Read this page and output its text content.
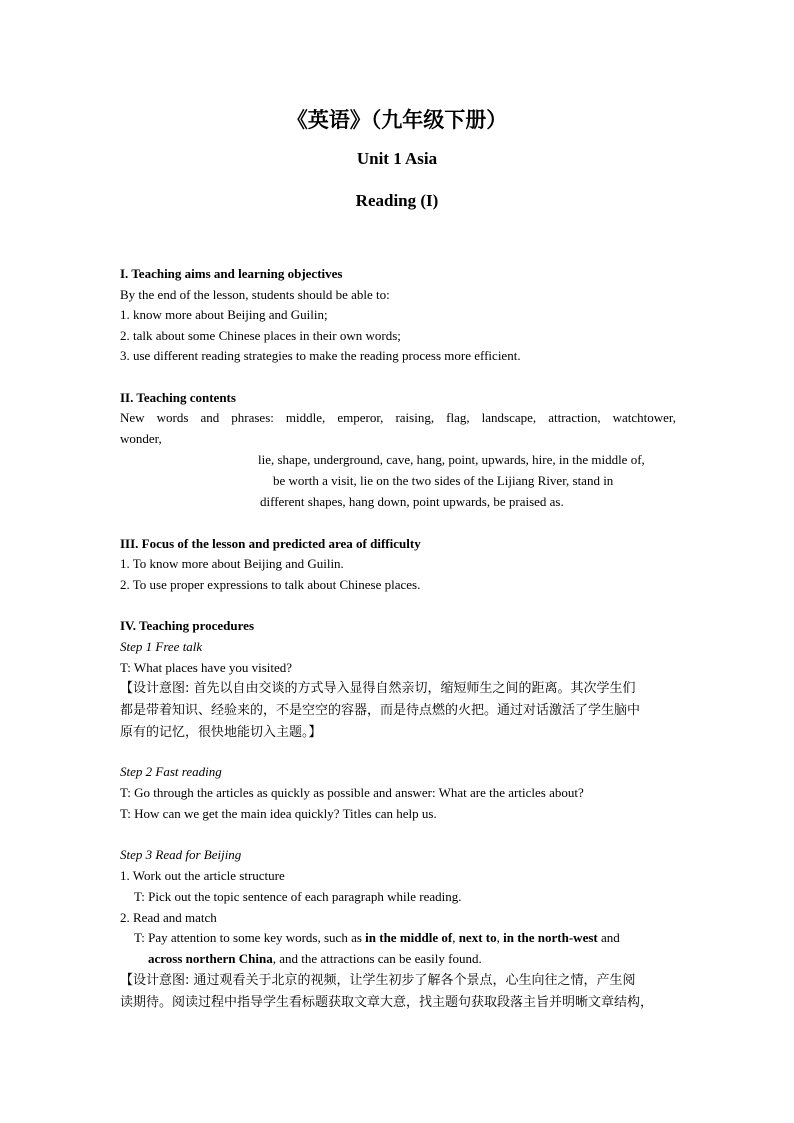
《英语》（九年级下册）
Unit 1 Asia
Reading (I)
I. Teaching aims and learning objectives
By the end of the lesson, students should be able to:
1. know more about Beijing and Guilin;
2. talk about some Chinese places in their own words;
3. use different reading strategies to make the reading process more efficient.
II. Teaching contents
New words and phrases: middle, emperor, raising, flag, landscape, attraction, watchtower,
wonder,
lie, shape, underground, cave, hang, point, upwards, hire, in the middle of,
be worth a visit, lie on the two sides of the Lijiang River, stand in
different shapes, hang down, point upwards, be praised as.
III. Focus of the lesson and predicted area of difficulty
1. To know more about Beijing and Guilin.
2. To use proper expressions to talk about Chinese places.
IV. Teaching procedures
Step 1 Free talk
T: What places have you visited?
【设计意图: 首先以自由交谈的方式导入显得自然亲切，缩短师生之间的距离。其次学生们
都是带着知识、经验来的，不是空空的容器，而是待点燃的火把。通过对话激活了学生脑中
原有的记忆，很快地能切入主题。】
Step 2 Fast reading
T: Go through the articles as quickly as possible and answer: What are the articles about?
T: How can we get the main idea quickly? Titles can help us.
Step 3 Read for Beijing
1. Work out the article structure
T: Pick out the topic sentence of each paragraph while reading.
2. Read and match
T: Pay attention to some key words, such as in the middle of, next to, in the north-west and
across northern China, and the attractions can be easily found.
【设计意图: 通过观看关于北京的视频，让学生初步了解各个景点，心生向往之情，产生阅
读期待。阅读过程中指导学生看标题获取文章大意，找主题句获取段落主旨并明晰文章结构，
